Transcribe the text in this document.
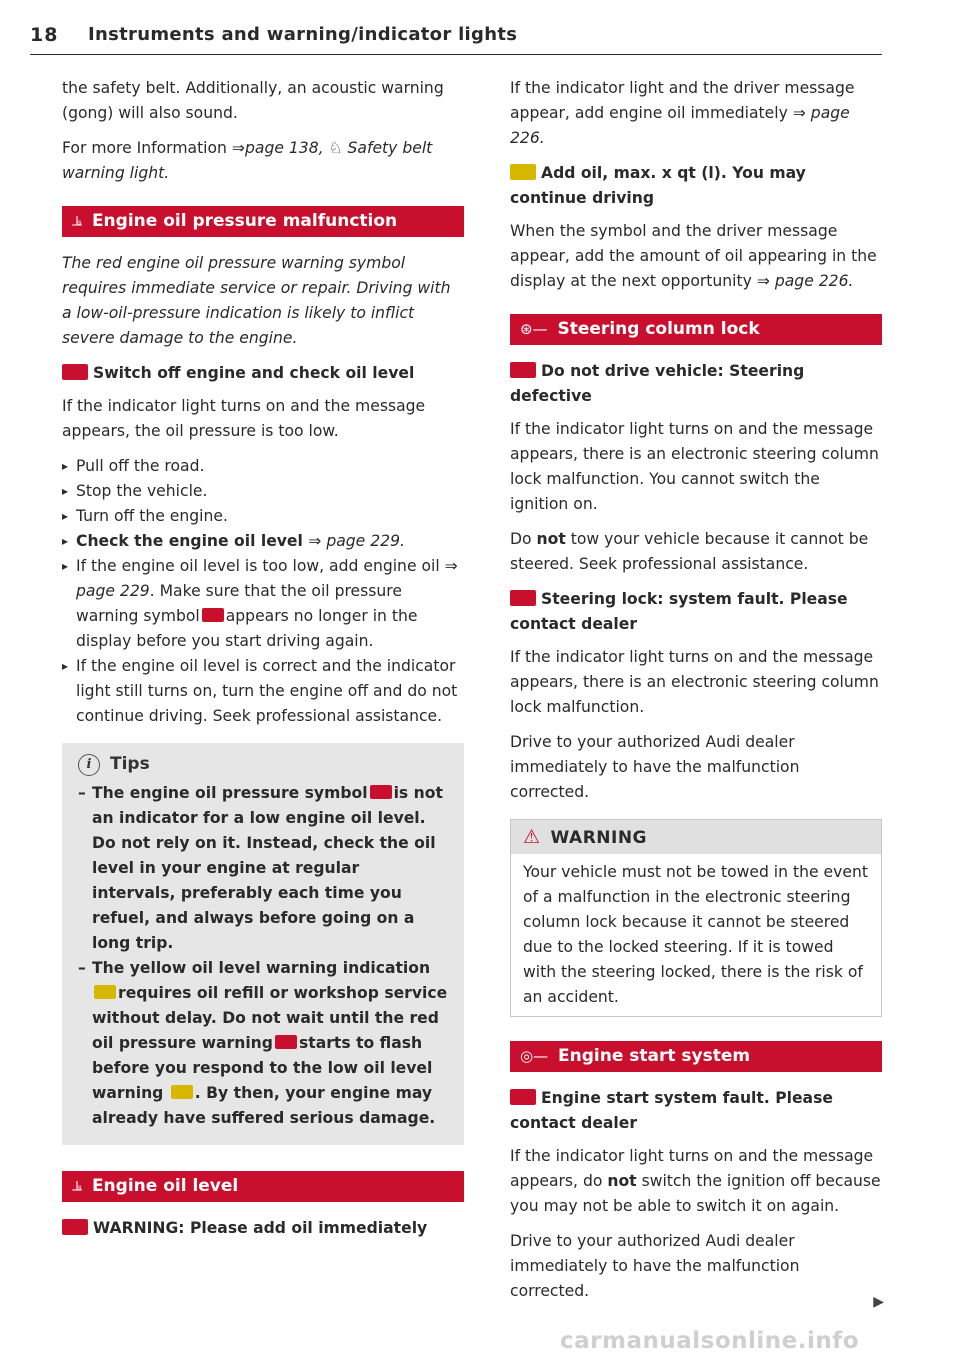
18 Instruments and warning/indicator lights

the safety belt. Additionally, an acoustic warning (gong) will also sound.

For more Information ⇒page 138, ♘ Safety belt warning light.

⫡ Engine oil pressure malfunction

The red engine oil pressure warning symbol requires immediate service or repair. Driving with a low-oil-pressure indication is likely to inflict severe damage to the engine.

Switch off engine and check oil level

If the indicator light turns on and the message appears, the oil pressure is too low.

▸ Pull off the road.
▸ Stop the vehicle.
▸ Turn off the engine.
▸ Check the engine oil level ⇒ page 229.
▸ If the engine oil level is too low, add engine oil ⇒ page 229. Make sure that the oil pressure warning symbol appears no longer in the display before you start driving again.
▸ If the engine oil level is correct and the indicator light still turns on, turn the engine off and do not continue driving. Seek professional assistance.
i Tips
– The engine oil pressure symbol is not an indicator for a low engine oil level. Do not rely on it. Instead, check the oil level in your engine at regular intervals, preferably each time you refuel, and always before going on a long trip.
– The yellow oil level warning indication requires oil refill or workshop service without delay. Do not wait until the red oil pressure warning starts to flash before you respond to the low oil level warning . By then, your engine may already have suffered serious damage.
⫡ Engine oil level
WARNING: Please add oil immediately

If the indicator light and the driver message appear, add engine oil immediately ⇒ page 226.

Add oil, max. x qt (l). You may continue driving

When the symbol and the driver message appear, add the amount of oil appearing in the display at the next opportunity ⇒ page 226.

⊛— Steering column lock
Do not drive vehicle: Steering defective

If the indicator light turns on and the message appears, there is an electronic steering column lock malfunction. You cannot switch the ignition on.

Do not tow your vehicle because it cannot be steered. Seek professional assistance.

Steering lock: system fault. Please contact dealer

If the indicator light turns on and the message appears, there is an electronic steering column lock malfunction.

Drive to your authorized Audi dealer immediately to have the malfunction corrected.

⚠ WARNING
Your vehicle must not be towed in the event of a malfunction in the electronic steering column lock because it cannot be steered due to the locked steering. If it is towed with the steering locked, there is the risk of an accident.
◎— Engine start system
Engine start system fault. Please contact dealer

If the indicator light turns on and the message appears, do not switch the ignition off because you may not be able to switch it on again.

Drive to your authorized Audi dealer immediately to have the malfunction corrected.

▶
carmanualsonline.info
